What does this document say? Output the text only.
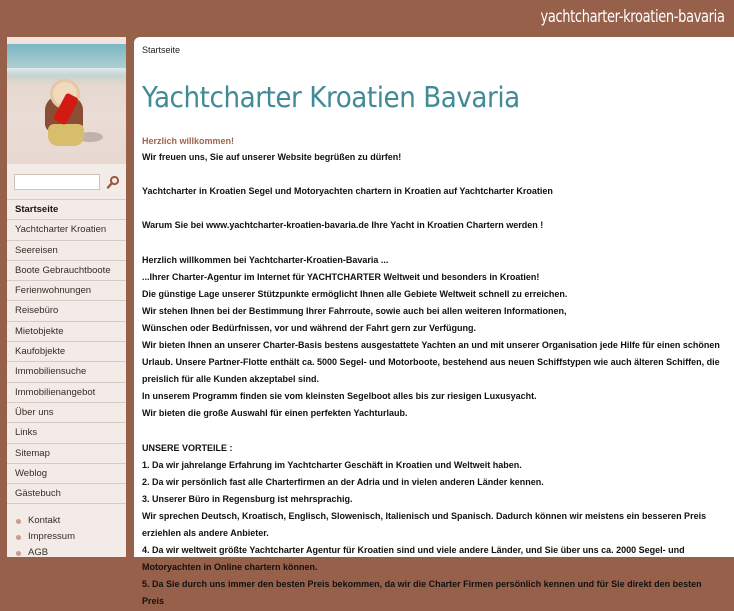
yachtcharter-kroatien-bavaria
Startseite
Yachtcharter Kroatien
Seereisen
Boote Gebrauchtboote
Ferienwohnungen
Reisebüro
Mietobjekte
Kaufobjekte
Immobiliensuche
Immobilienangebot
Über uns
Links
Sitemap
Weblog
Gästebuch
Kontakt
Impressum
AGB
Startseite
Yachtcharter Kroatien Bavaria
Herzlich willkommen!

Wir freuen uns, Sie auf unserer Website begrüßen zu dürfen!

Yachtcharter in Kroatien Segel und Motoryachten chartern in Kroatien auf Yachtcharter Kroatien

Warum Sie bei www.yachtcharter-kroatien-bavaria.de Ihre Yacht in Kroatien Chartern werden !

Herzlich willkommen bei Yachtcharter-Kroatien-Bavaria ...

...Ihrer Charter-Agentur im Internet für YACHTCHARTER Weltweit und besonders in Kroatien!

Die günstige Lage unserer Stützpunkte ermöglicht Ihnen alle Gebiete Weltweit schnell zu erreichen.

Wir stehen Ihnen bei der Bestimmung Ihrer Fahrroute, sowie auch bei allen weiteren Informationen,

Wünschen oder Bedürfnissen, vor und während der Fahrt gern zur Verfügung.

Wir bieten Ihnen an unserer Charter-Basis bestens ausgestattete Yachten an und mit unserer Organisation jede Hilfe für einen schönen

Urlaub. Unsere Partner-Flotte enthält ca. 5000 Segel- und Motorboote, bestehend aus neuen Schiffstypen wie auch älteren Schiffen, die

preislich für alle Kunden akzeptabel sind.

In unserem Programm finden sie vom kleinsten Segelboot alles bis zur riesigen Luxusyacht.

Wir bieten die große Auswahl für einen perfekten Yachturlaub.

UNSERE VORTEILE :

1. Da wir jahrelange Erfahrung im Yachtcharter Geschäft in Kroatien und Weltweit haben.

2. Da wir persönlich fast alle Charterfirmen an der Adria und in vielen anderen Länder kennen.

3. Unserer Büro in Regensburg ist mehrsprachig.

Wir sprechen Deutsch, Kroatisch, Englisch, Slowenisch, Italienisch und Spanisch. Dadurch können wir meistens ein besseren Preis

erziehlen als andere Anbieter.

4. Da wir weltweit größte Yachtcharter Agentur für Kroatien sind und viele andere Länder, und Sie über uns ca. 2000 Segel- und

Motoryachten in Online chartern können.

5. Da Sie durch uns immer den besten Preis bekommen, da wir die Charter Firmen persönlich kennen und für Sie direkt den besten Preis
